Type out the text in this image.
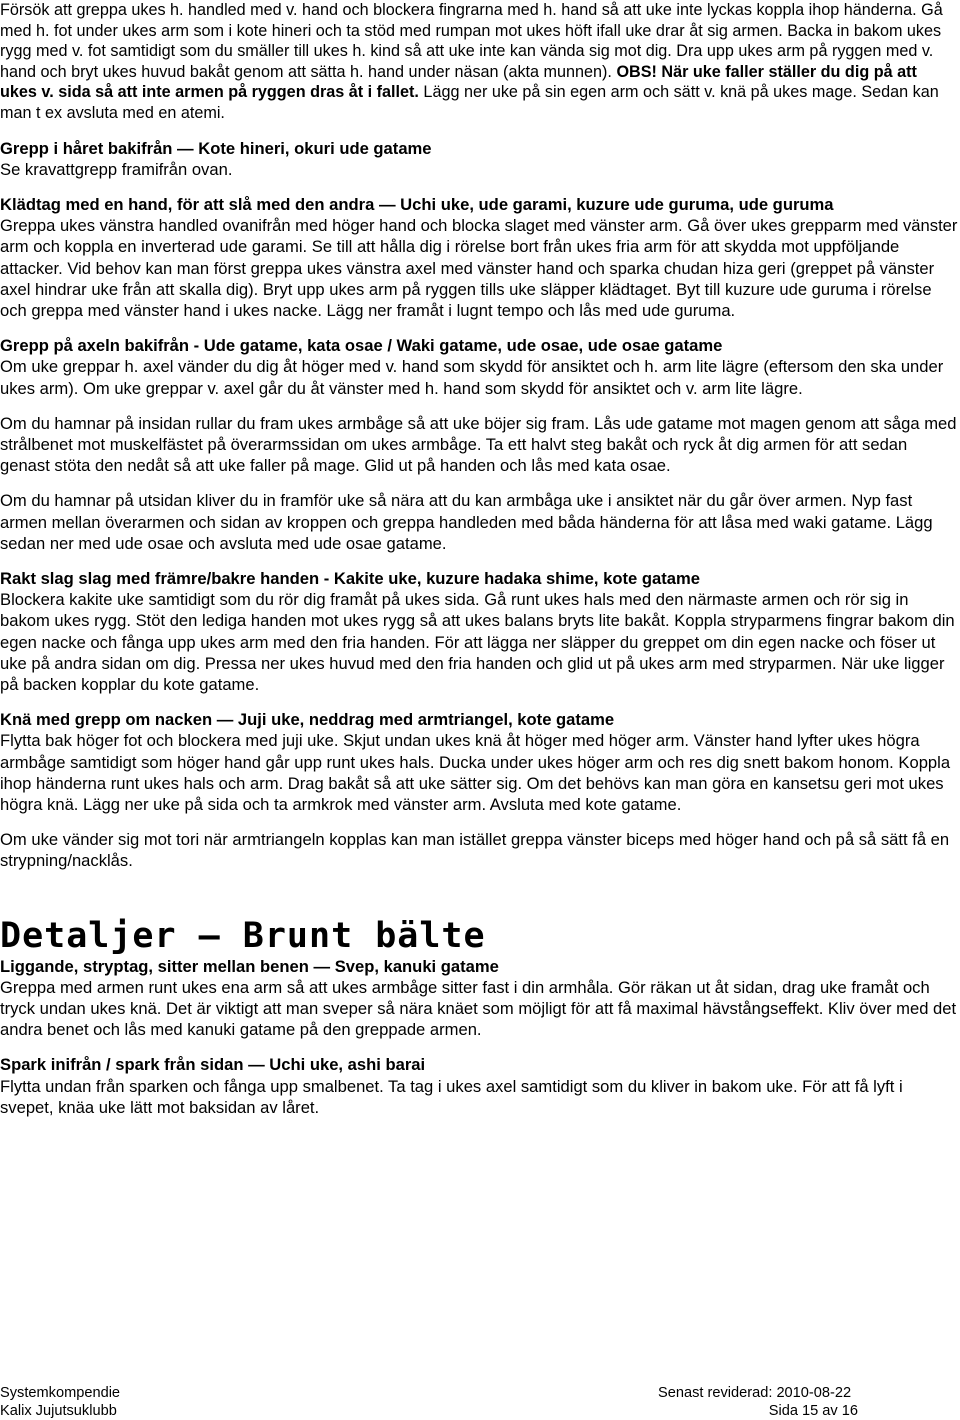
Försök att greppa ukes h. handled med v. hand och blockera fingrarna med h. hand så att uke inte lyckas koppla ihop händerna. Gå med h. fot under ukes arm som i kote hineri och ta stöd med rumpan mot ukes höft ifall uke drar åt sig armen. Backa in bakom ukes rygg med v. fot samtidigt som du smäller till ukes h. kind så att uke inte kan vända sig mot dig. Dra upp ukes arm på ryggen med v. hand och bryt ukes huvud bakåt genom att sätta h. hand under näsan (akta munnen). OBS! När uke faller ställer du dig på att ukes v. sida så att inte armen på ryggen dras åt i fallet. Lägg ner uke på sin egen arm och sätt v. knä på ukes mage. Sedan kan man t ex avsluta med en atemi.

Grepp i håret bakifrån — Kote hineri, okuri ude gatame

Se kravattgrepp framifrån ovan.

Klädtag med en hand, för att slå med den andra — Uchi uke, ude garami, kuzure ude guruma, ude guruma

Greppa ukes vänstra handled ovanifrån med höger hand och blocka slaget med vänster arm. Gå över ukes grepparm med vänster arm och koppla en inverterad ude garami. Se till att hålla dig i rörelse bort från ukes fria arm för att skydda mot uppföljande attacker. Vid behov kan man först greppa ukes vänstra axel med vänster hand och sparka chudan hiza geri (greppet på vänster axel hindrar uke från att skalla dig). Bryt upp ukes arm på ryggen tills uke släpper klädtaget. Byt till kuzure ude guruma i rörelse och greppa med vänster hand i ukes nacke. Lägg ner framåt i lugnt tempo och lås med ude guruma.

Grepp på axeln bakifrån - Ude gatame, kata osae / Waki gatame, ude osae, ude osae gatame

Om uke greppar h. axel vänder du dig åt höger med v. hand som skydd för ansiktet och h. arm lite lägre (eftersom den ska under ukes arm). Om uke greppar v. axel går du åt vänster med h. hand som skydd för ansiktet och v. arm lite lägre.

Om du hamnar på insidan rullar du fram ukes armbåge så att uke böjer sig fram. Lås ude gatame mot magen genom att såga med strålbenet mot muskelfästet på överarmssidan om ukes armbåge. Ta ett halvt steg bakåt och ryck åt dig armen för att sedan genast stöta den nedåt så att uke faller på mage. Glid ut på handen och lås med kata osae.

Om du hamnar på utsidan kliver du in framför uke så nära att du kan armbåga uke i ansiktet när du går över armen. Nyp fast armen mellan överarmen och sidan av kroppen och greppa handleden med båda händerna för att låsa med waki gatame. Lägg sedan ner med ude osae och avsluta med ude osae gatame.

Rakt slag slag med främre/bakre handen - Kakite uke, kuzure hadaka shime, kote gatame

Blockera kakite uke samtidigt som du rör dig framåt på ukes sida. Gå runt ukes hals med den närmaste armen och rör sig in bakom ukes rygg. Stöt den lediga handen mot ukes rygg så att ukes balans bryts lite bakåt. Koppla stryparmens fingrar bakom din egen nacke och fånga upp ukes arm med den fria handen. För att lägga ner släpper du greppet om din egen nacke och föser ut uke på andra sidan om dig. Pressa ner ukes huvud med den fria handen och glid ut på ukes arm med stryparmen. När uke ligger på backen kopplar du kote gatame.

Knä med grepp om nacken — Juji uke, neddrag med armtriangel, kote gatame

Flytta bak höger fot och blockera med juji uke. Skjut undan ukes knä åt höger med höger arm. Vänster hand lyfter ukes högra armbåge samtidigt som höger hand går upp runt ukes hals. Ducka under ukes höger arm och res dig snett bakom honom. Koppla ihop händerna runt ukes hals och arm. Drag bakåt så att uke sätter sig. Om det behövs kan man göra en kansetsu geri mot ukes högra knä. Lägg ner uke på sida och ta armkrok med vänster arm. Avsluta med kote gatame.

Om uke vänder sig mot tori när armtriangeln kopplas kan man istället greppa vänster biceps med höger hand och på så sätt få en strypning/nacklås.

Detaljer — Brunt bälte

Liggande, stryptag, sitter mellan benen — Svep, kanuki gatame

Greppa med armen runt ukes ena arm så att ukes armbåge sitter fast i din armhåla. Gör räkan ut åt sidan, drag uke framåt och tryck undan ukes knä. Det är viktigt att man sveper så nära knäet som möjligt för att få maximal hävstångseffekt. Kliv över med det andra benet och lås med kanuki gatame på den greppade armen.

Spark inifrån / spark från sidan — Uchi uke, ashi barai

Flytta undan från sparken och fånga upp smalbenet. Ta tag i ukes axel samtidigt som du kliver in bakom uke. För att få lyft i svepet, knäa uke lätt mot baksidan av låret.

Systemkompendie	Senast reviderad: 2010-08-22
Kalix Jujutsuklubb	Sida 15 av 16
